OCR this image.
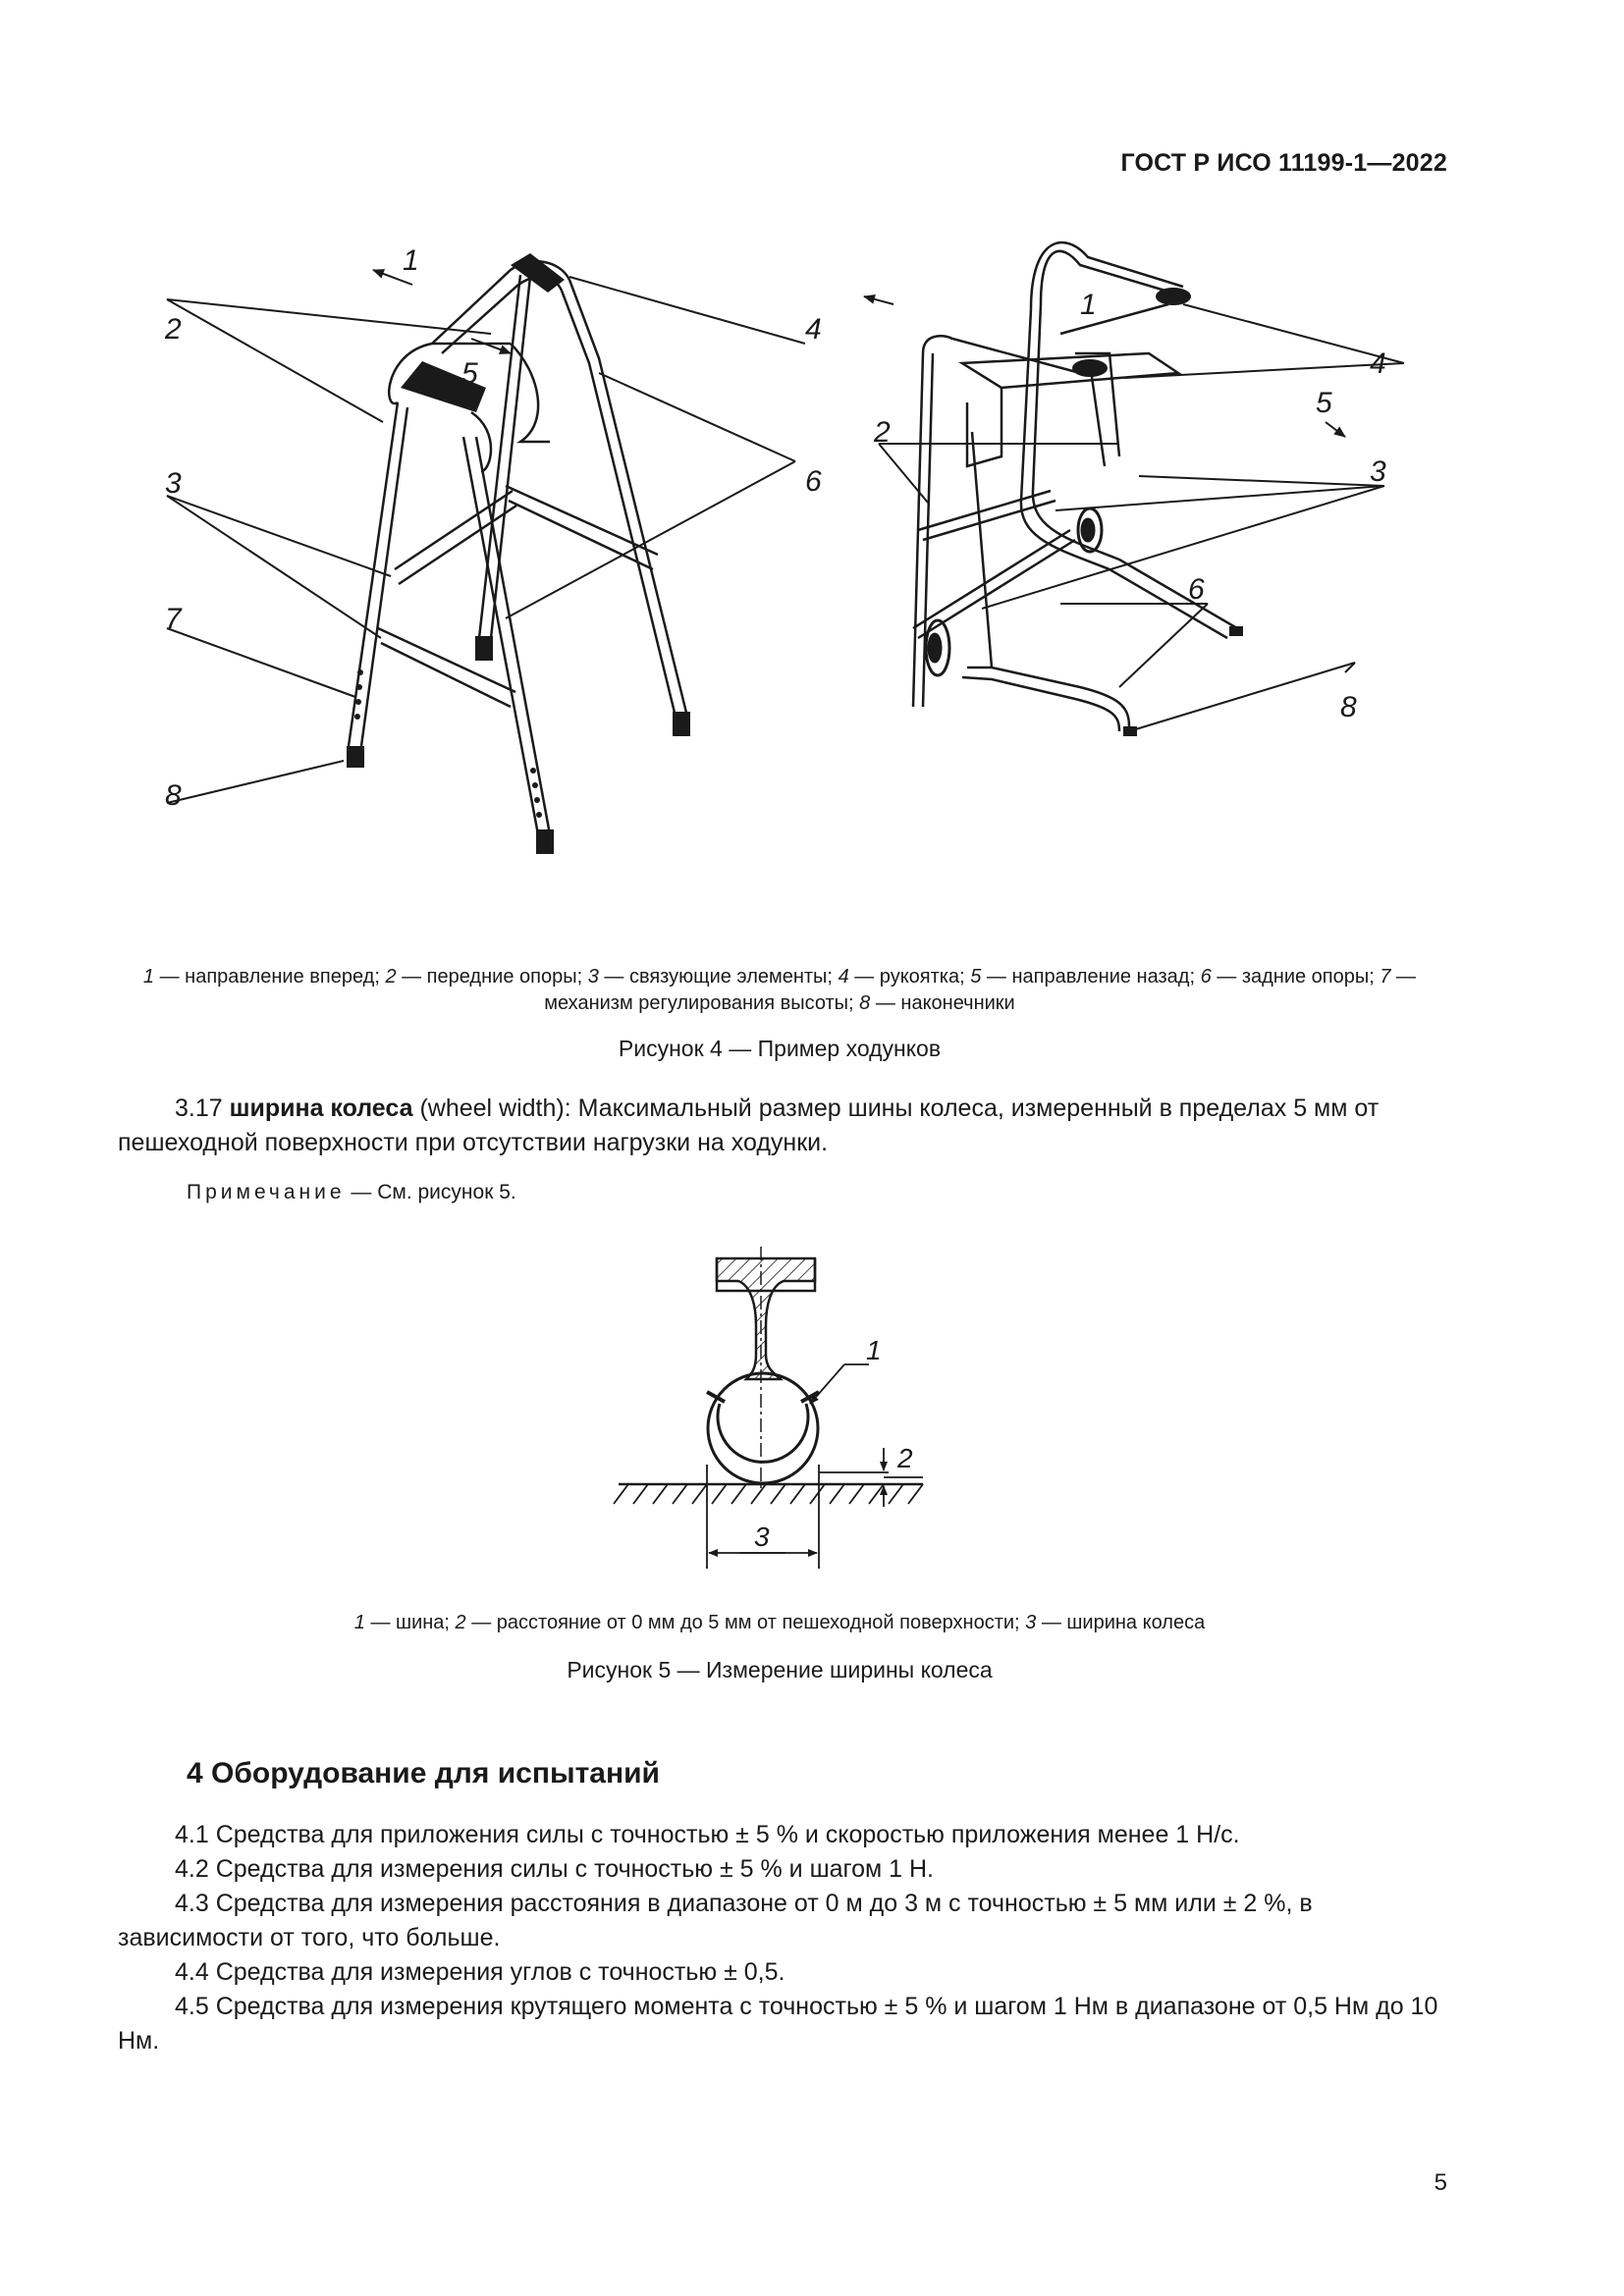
ГОСТ Р ИСО 11199-1—2022
1
2
3
4
5
6
7
8
1
2
3
4
5
6
8
1 — направление вперед; 2 — передние опоры; 3 — связующие элементы; 4 — рукоятка; 5 — направление назад; 6 — задние опоры; 7 — механизм регулирования высоты; 8 — наконечники
Рисунок 4 — Пример ходунков
3.17 ширина колеса (wheel width): Максимальный размер шины колеса, измеренный в пределах 5 мм от пешеходной поверхности при отсутствии нагрузки на ходунки.
Примечание — См. рисунок 5.
1
2
3
1 — шина; 2 — расстояние от 0 мм до 5 мм от пешеходной поверхности; 3 — ширина колеса
Рисунок 5 — Измерение ширины колеса
4 Оборудование для испытаний
4.1 Средства для приложения силы с точностью ± 5 % и скоростью приложения менее 1 Н/с.
4.2 Средства для измерения силы с точностью ± 5 % и шагом 1 Н.
4.3 Средства для измерения расстояния в диапазоне от 0 м до 3 м с точностью ± 5 мм или ± 2 %, в зависимости от того, что больше.
4.4 Средства для измерения углов с точностью ± 0,5.
4.5 Средства для измерения крутящего момента с точностью ± 5 % и шагом 1 Нм в диапазоне от 0,5 Нм до 10 Нм.
5
